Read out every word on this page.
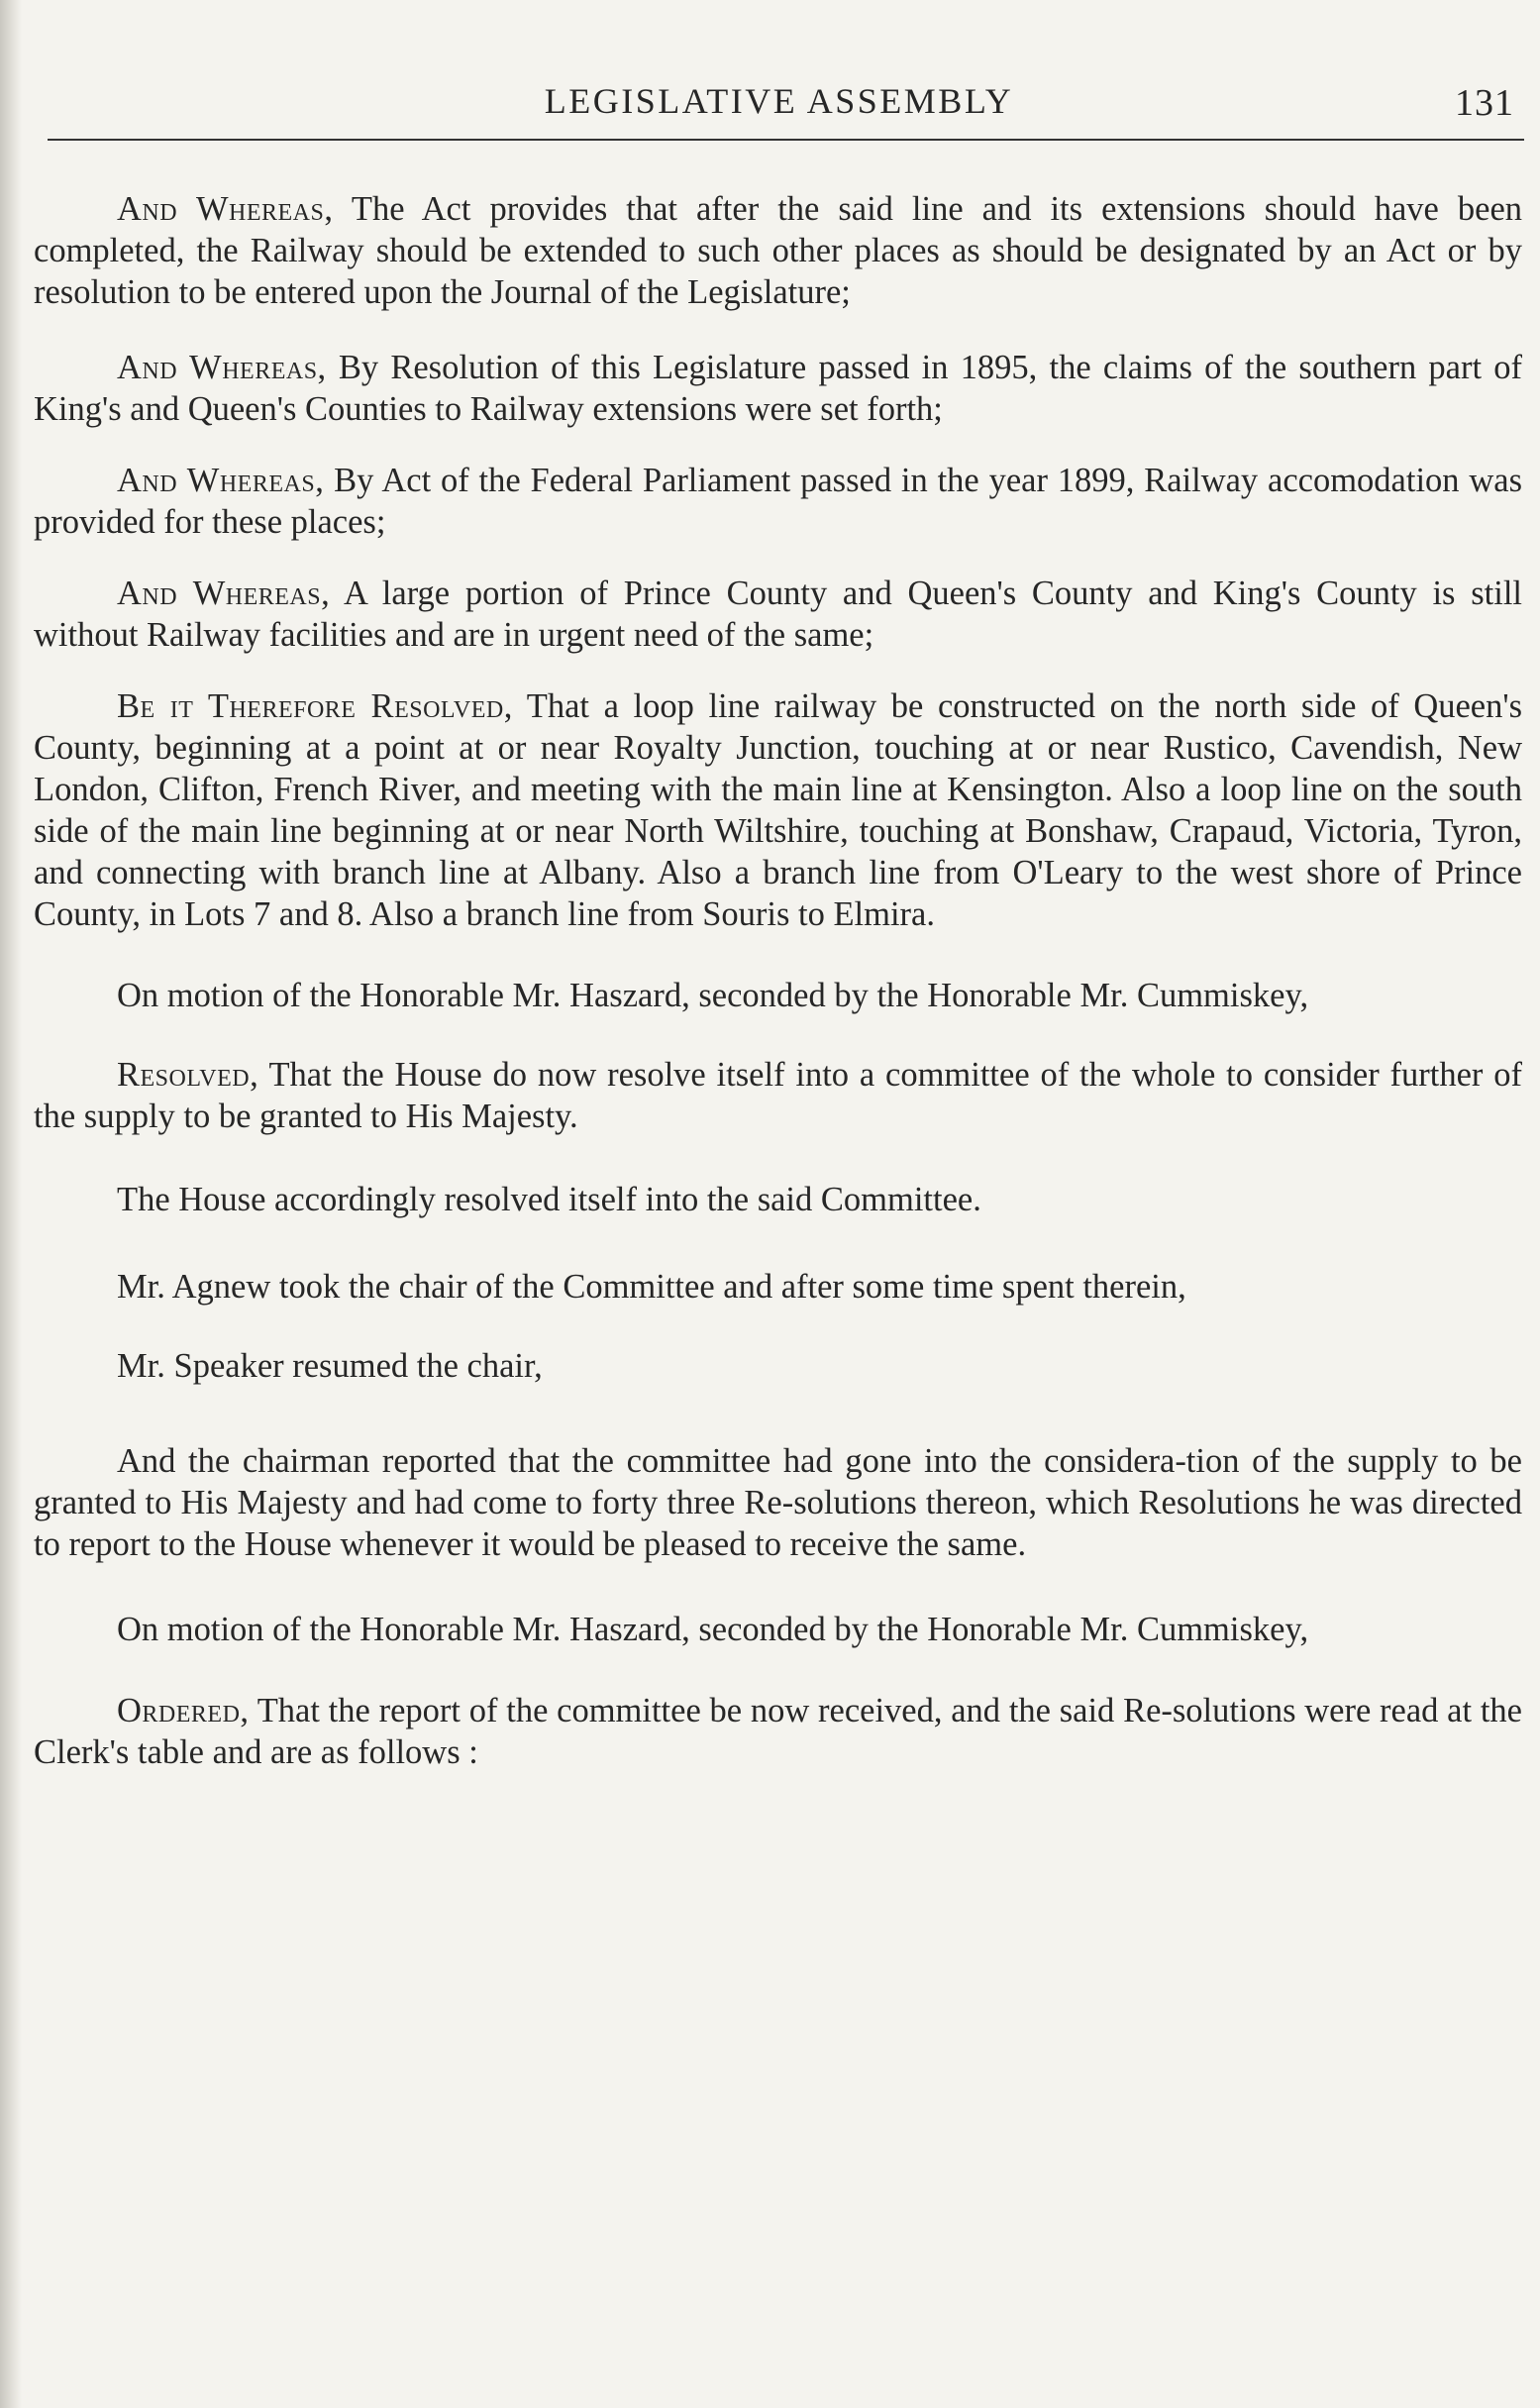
LEGISLATIVE ASSEMBLY	131

And Whereas, The Act provides that after the said line and its extensions should have been completed, the Railway should be extended to such other places as should be designated by an Act or by resolution to be entered upon the Journal of the Legislature;

And Whereas, By Resolution of this Legislature passed in 1895, the claims of the southern part of King's and Queen's Counties to Railway extensions were set forth;

And Whereas, By Act of the Federal Parliament passed in the year 1899, Railway accomodation was provided for these places;

And Whereas, A large portion of Prince County and Queen's County and King's County is still without Railway facilities and are in urgent need of the same;

Be it Therefore Resolved, That a loop line railway be constructed on the north side of Queen's County, beginning at a point at or near Royalty Junction, touching at or near Rustico, Cavendish, New London, Clifton, French River, and meeting with the main line at Kensington. Also a loop line on the south side of the main line beginning at or near North Wiltshire, touching at Bonshaw, Crapaud, Victoria, Tyron, and connecting with branch line at Albany. Also a branch line from O'Leary to the west shore of Prince County, in Lots 7 and 8. Also a branch line from Souris to Elmira.

On motion of the Honorable Mr. Haszard, seconded by the Honorable Mr. Cummiskey,

Resolved, That the House do now resolve itself into a committee of the whole to consider further of the supply to be granted to His Majesty.

The House accordingly resolved itself into the said Committee.

Mr. Agnew took the chair of the Committee and after some time spent therein,

Mr. Speaker resumed the chair,

And the chairman reported that the committee had gone into the considera-tion of the supply to be granted to His Majesty and had come to forty three Re-solutions thereon, which Resolutions he was directed to report to the House whenever it would be pleased to receive the same.

On motion of the Honorable Mr. Haszard, seconded by the Honorable Mr. Cummiskey,

Ordered, That the report of the committee be now received, and the said Re-solutions were read at the Clerk's table and are as follows :
